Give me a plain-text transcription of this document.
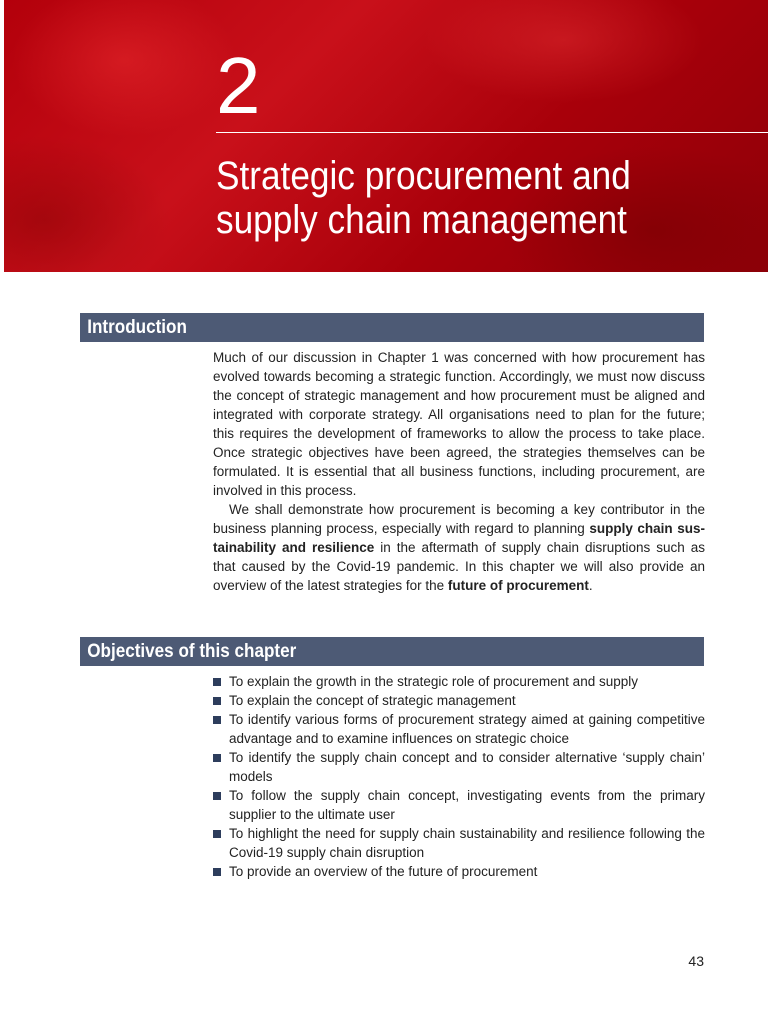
2
Strategic procurement and
supply chain management
Introduction

Much of our discussion in Chapter 1 was concerned with how procurement has evolved towards becoming a strategic function. Accordingly, we must now discuss the concept of strategic management and how procurement must be aligned and integrated with corporate strategy. All organisations need to plan for the future; this requires the development of frameworks to allow the process to take place. Once strategic objectives have been agreed, the strategies themselves can be formulated. It is essential that all business functions, including procurement, are involved in this process.

We shall demonstrate how procurement is becoming a key contributor in the business planning process, especially with regard to planning supply chain sustainability and resilience in the aftermath of supply chain disruptions such as that caused by the Covid-19 pandemic. In this chapter we will also provide an overview of the latest strategies for the future of procurement.

Objectives of this chapter
To explain the growth in the strategic role of procurement and supply
To explain the concept of strategic management
To identify various forms of procurement strategy aimed at gaining competitive advantage and to examine influences on strategic choice
To identify the supply chain concept and to consider alternative ‘supply chain’ models
To follow the supply chain concept, investigating events from the primary supplier to the ultimate user
To highlight the need for supply chain sustainability and resilience following the Covid-19 supply chain disruption
To provide an overview of the future of procurement
43
